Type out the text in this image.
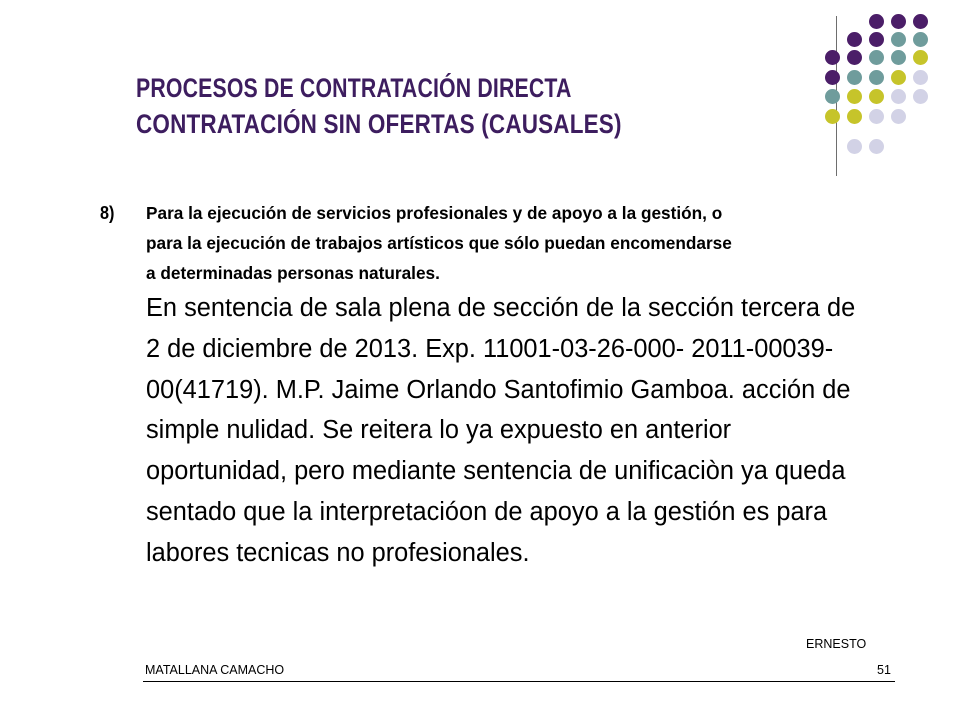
PROCESOS DE CONTRATACIÓN DIRECTA
CONTRATACIÓN SIN OFERTAS (CAUSALES)
8) Para la ejecución de servicios profesionales y de apoyo a la gestión, o
para la ejecución de trabajos artísticos que sólo puedan encomendarse
a determinadas personas naturales.
En sentencia de sala plena de sección de la sección tercera de
2 de diciembre de 2013. Exp. 11001-03-26-000- 2011-00039-
00(41719). M.P. Jaime Orlando Santofimio Gamboa. acción de
simple nulidad. Se reitera lo ya expuesto en anterior
oportunidad, pero mediante sentencia de unificaciòn ya queda
sentado que la interpretacióon de apoyo a la gestión es para
labores tecnicas no profesionales.
ERNESTO
MATALLANA CAMACHO	51
